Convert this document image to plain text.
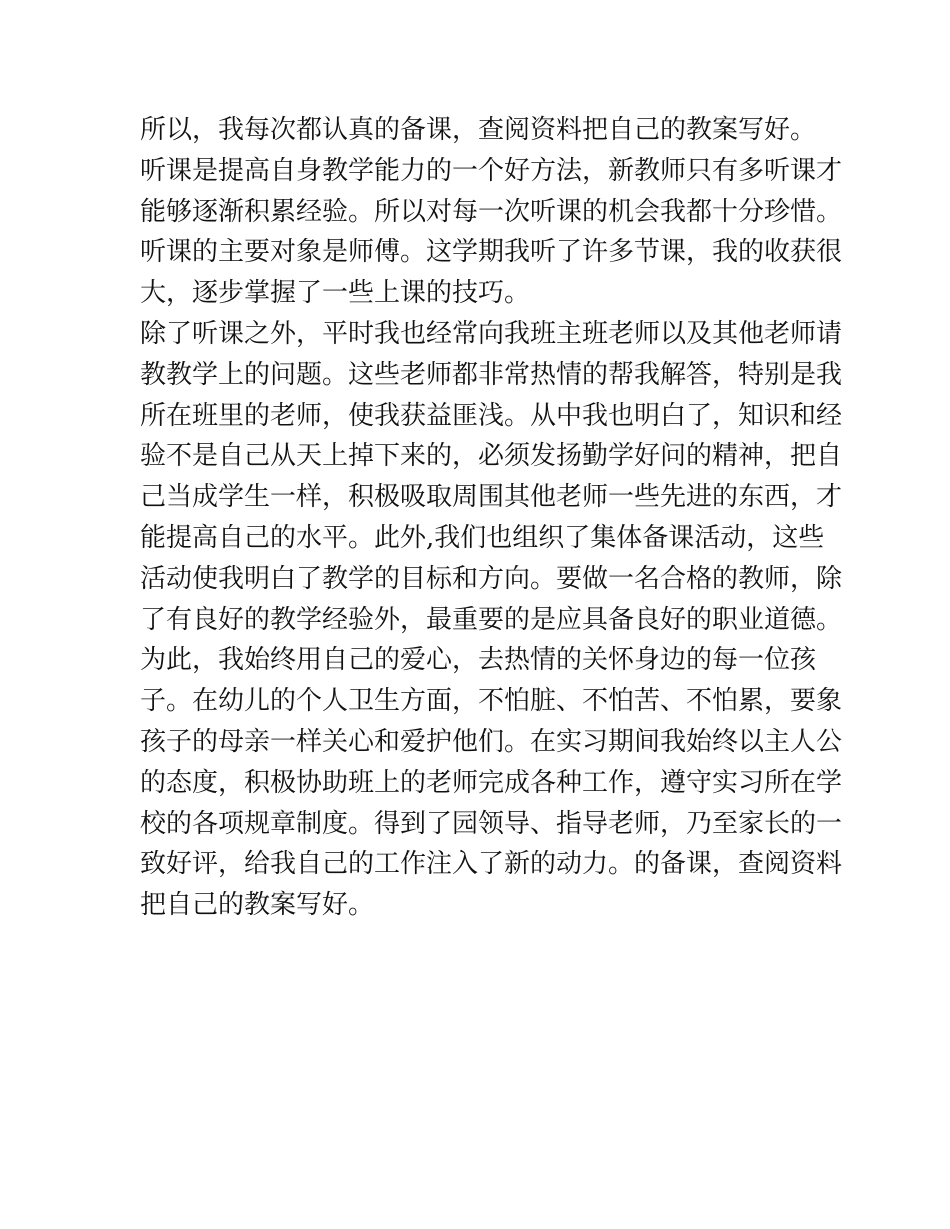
所以，我每次都认真的备课，查阅资料把自己的教案写好。
听课是提高自身教学能力的一个好方法，新教师只有多听课才
能够逐渐积累经验。所以对每一次听课的机会我都十分珍惜。
听课的主要对象是师傅。这学期我听了许多节课，我的收获很
大，逐步掌握了一些上课的技巧。
除了听课之外，平时我也经常向我班主班老师以及其他老师请
教教学上的问题。这些老师都非常热情的帮我解答，特别是我
所在班里的老师，使我获益匪浅。从中我也明白了，知识和经
验不是自己从天上掉下来的，必须发扬勤学好问的精神，把自
己当成学生一样，积极吸取周围其他老师一些先进的东西，才
能提高自己的水平。此外,我们也组织了集体备课活动，这些
活动使我明白了教学的目标和方向。要做一名合格的教师，除
了有良好的教学经验外，最重要的是应具备良好的职业道德。
为此，我始终用自己的爱心，去热情的关怀身边的每一位孩
子。在幼儿的个人卫生方面，不怕脏、不怕苦、不怕累，要象
孩子的母亲一样关心和爱护他们。在实习期间我始终以主人公
的态度，积极协助班上的老师完成各种工作，遵守实习所在学
校的各项规章制度。得到了园领导、指导老师，乃至家长的一
致好评，给我自己的工作注入了新的动力。的备课，查阅资料
把自己的教案写好。
